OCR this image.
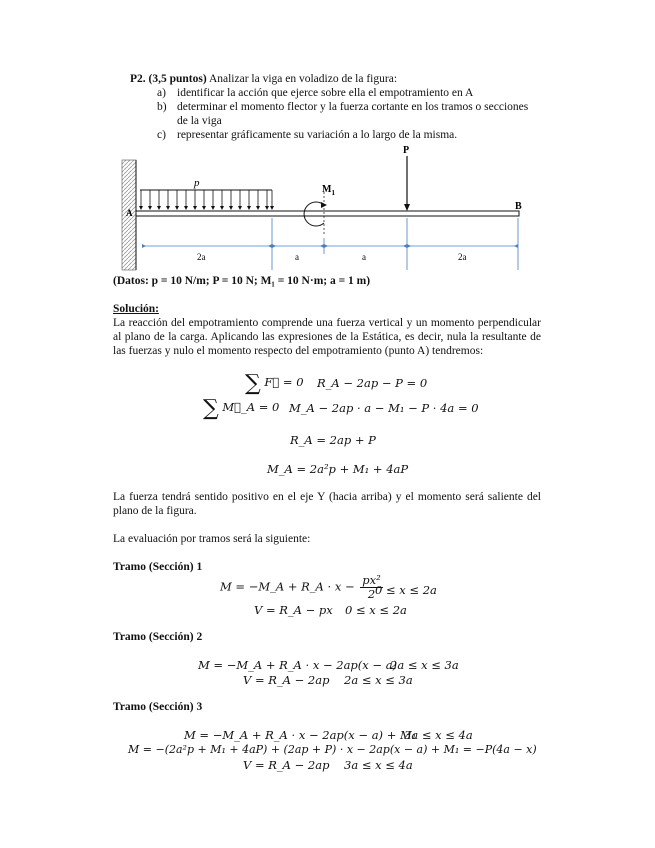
P2. (3,5 puntos) Analizar la viga en voladizo de la figura:
a) identificar la acción que ejerce sobre ella el empotramiento en A
b) determinar el momento flector y la fuerza cortante en los tramos o secciones
de la viga
c) representar gráficamente su variación a lo largo de la misma.
p
$M_1$
P
A
B
2a	a	a	2a
(Datos: p = 10 N/m; P = 10 N; M₁ = 10 N·m; a = 1 m)
Solución:
La reacción del empotramiento comprende una fuerza vertical y un momento perpendicular al plano de la carga. Aplicando las expresiones de la Estática, es decir, nula la resultante de las fuerzas y nulo el momento respecto del empotramiento (punto A) tendremos:
∑ F⃗ = 0 R_A − 2ap − P = 0
∑ M⃗_A = 0 M_A − 2ap · a − M₁ − P · 4a = 0
R_A = 2ap + P
M_A = 2a²p + M₁ + 4aP
La fuerza tendrá sentido positivo en el eje Y (hacia arriba) y el momento será saliente del plano de la figura.
La evaluación por tramos será la siguiente:
Tramo (Sección) 1
M = −M_A + R_A · $x - \frac{\text{px²}}{2}$
0 ≤ x ≤ 2a
V = R_A − px 0 ≤ x ≤ 2a
Tramo (Sección) 2
M = −M_A + R_A · x − 2ap(x − a)
2a ≤ x ≤ 3a
V = R_A − 2ap 2a ≤ x ≤ 3a
Tramo (Sección) 3
M = −M_A + R_A · x − 2ap(x − a) + M₁
3a ≤ x ≤ 4a
M = −(2a²p + M₁ + 4aP) + (2ap + P) · x − 2ap(x − a) + M₁ = −P(4a − x)
V = R_A − 2ap 3a ≤ x ≤ 4a
